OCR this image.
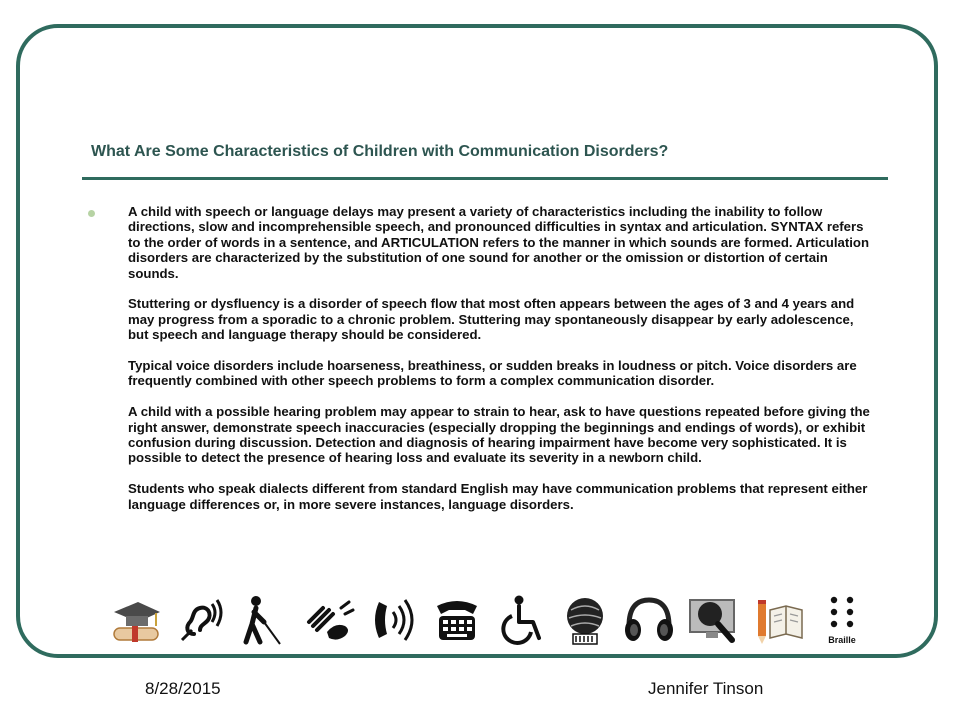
What Are Some Characteristics of Children with Communication Disorders?

A child with speech or language delays may present a variety of characteristics including the inability to follow directions, slow and incomprehensible speech, and pronounced difficulties in syntax and articulation. SYNTAX refers to the order of words in a sentence, and ARTICULATION refers to the manner in which sounds are formed. Articulation disorders are characterized by the substitution of one sound for another or the omission or distortion of certain sounds.

Stuttering or dysfluency is a disorder of speech flow that most often appears between the ages of 3 and 4 years and may progress from a sporadic to a chronic problem. Stuttering may spontaneously disappear by early adolescence, but speech and language therapy should be considered.

Typical voice disorders include hoarseness, breathiness, or sudden breaks in loudness or pitch. Voice disorders are frequently combined with other speech problems to form a complex communication disorder.

A child with a possible hearing problem may appear to strain to hear, ask to have questions repeated before giving the right answer, demonstrate speech inaccuracies (especially dropping the beginnings and endings of words), or exhibit confusion during discussion. Detection and diagnosis of hearing impairment have become very sophisticated. It is possible to detect the presence of hearing loss and evaluate its severity in a newborn child.

Students who speak dialects different from standard English may have communication problems that represent either language differences or, in more severe instances, language disorders.

Braille
8/28/2015	Jennifer Tinson
